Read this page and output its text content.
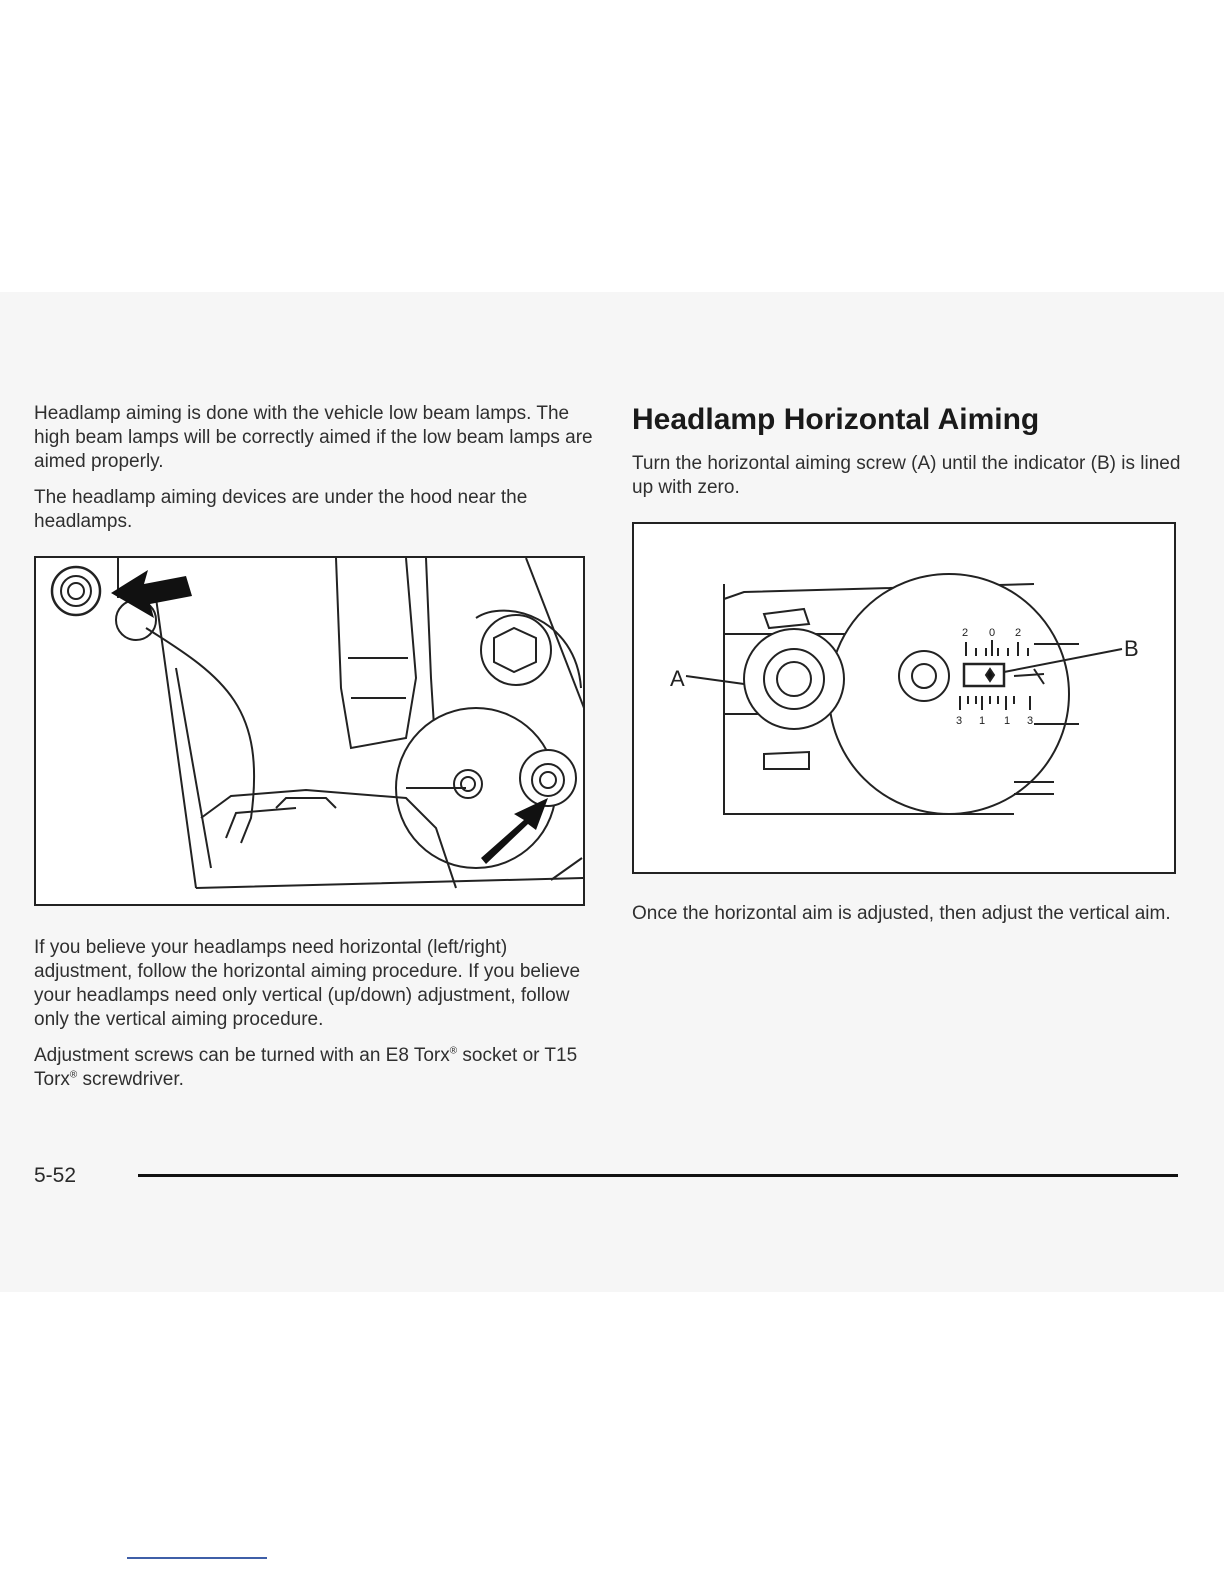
Headlamp aiming is done with the vehicle low beam lamps. The high beam lamps will be correctly aimed if the low beam lamps are aimed properly.

The headlamp aiming devices are under the hood near the headlamps.

If you believe your headlamps need horizontal (left/right) adjustment, follow the horizontal aiming procedure. If you believe your headlamps need only vertical (up/down) adjustment, follow only the vertical aiming procedure.

Adjustment screws can be turned with an E8 Torx® socket or T15 Torx® screwdriver.

Headlamp Horizontal Aiming

Turn the horizontal aiming screw (A) until the indicator (B) is lined up with zero.

A
B
2 0 2
3 1 1 3

Once the horizontal aim is adjusted, then adjust the vertical aim.

5-52
